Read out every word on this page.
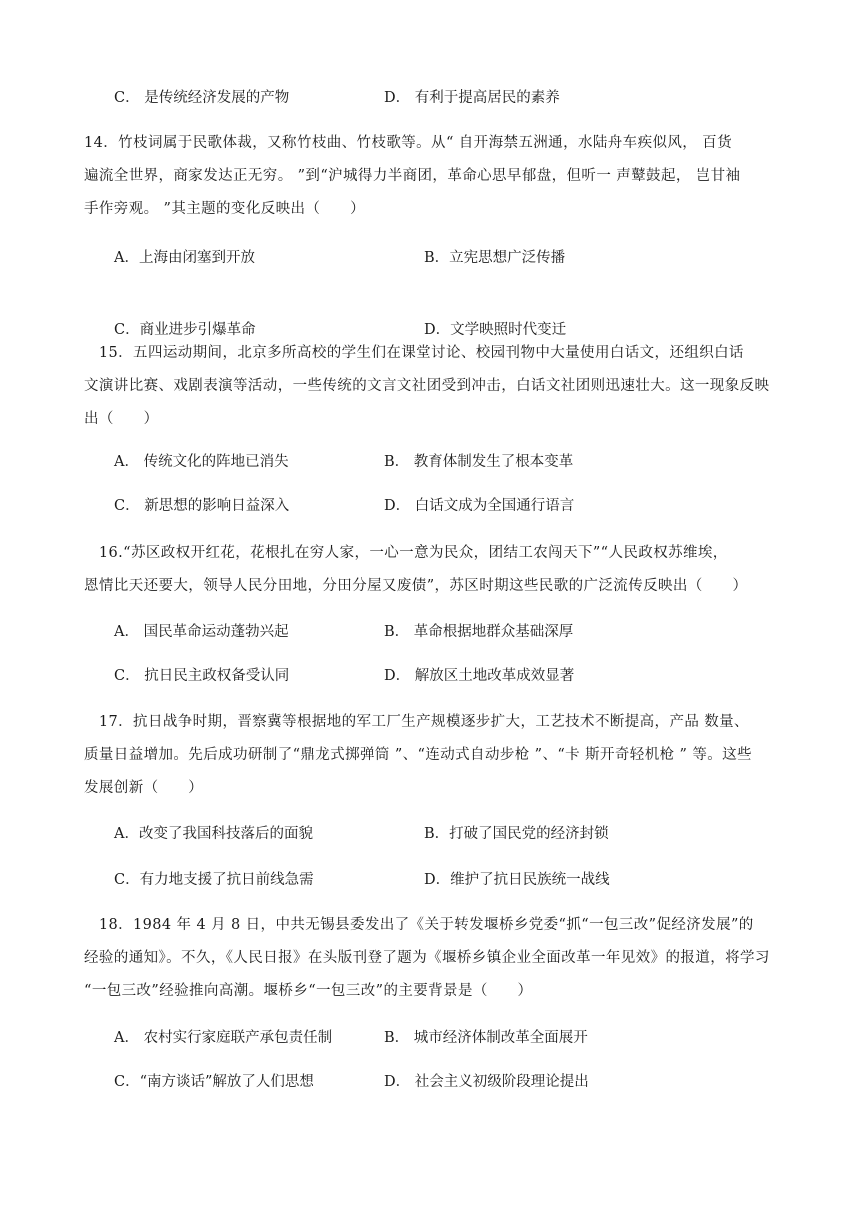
C． 是传统经济发展的产物	D． 有利于提高居民的素养
14．竹枝词属于民歌体裁，又称竹枝曲、竹枝歌等。从“ 自开海禁五洲通，水陆舟车疾似风， 百货
遍流全世界，商家发达正无穷。 ”到“沪城得力半商团，革命心思早郁盘，但听一 声鼙鼓起， 岂甘袖
手作旁观。 ”其主题的变化反映出（　　）
A．上海由闭塞到开放	B．立宪思想广泛传播
C．商业进步引爆革命	D．文学映照时代变迁
　15．五四运动期间，北京多所高校的学生们在课堂讨论、校园刊物中大量使用白话文，还组织白话
文演讲比赛、戏剧表演等活动，一些传统的文言文社团受到冲击，白话文社团则迅速壮大。这一现象反映
出（　　）
A． 传统文化的阵地已消失	B． 教育体制发生了根本变革
C． 新思想的影响日益深入	D． 白话文成为全国通行语言
　16.“苏区政权开红花，花根扎在穷人家，一心一意为民众，团结工农闯天下”“人民政权苏维埃，
恩情比天还要大，领导人民分田地，分田分屋又废债”，苏区时期这些民歌的广泛流传反映出（　　）
A． 国民革命运动蓬勃兴起	B． 革命根据地群众基础深厚
C． 抗日民主政权备受认同	D． 解放区土地改革成效显著
　17．抗日战争时期，晋察冀等根据地的军工厂生产规模逐步扩大，工艺技术不断提高，产品 数量、
质量日益增加。先后成功研制了“鼎龙式掷弹筒 ”、“连动式自动步枪 ”、“卡 斯开奇轻机枪 ” 等。这些
发展创新（　　）
A．改变了我国科技落后的面貌	B．打破了国民党的经济封锁
C．有力地支援了抗日前线急需	D．维护了抗日民族统一战线
　18．1984 年 4 月 8 日，中共无锡县委发出了《关于转发堰桥乡党委“抓“一包三改”促经济发展”的
经验的通知》。不久，《人民日报》在头版刊登了题为《堰桥乡镇企业全面改革一年见效》的报道，将学习
“一包三改”经验推向高潮。堰桥乡“一包三改”的主要背景是（　　）
A． 农村实行家庭联产承包责任制	B． 城市经济体制改革全面展开
C．“南方谈话”解放了人们思想	D． 社会主义初级阶段理论提出
